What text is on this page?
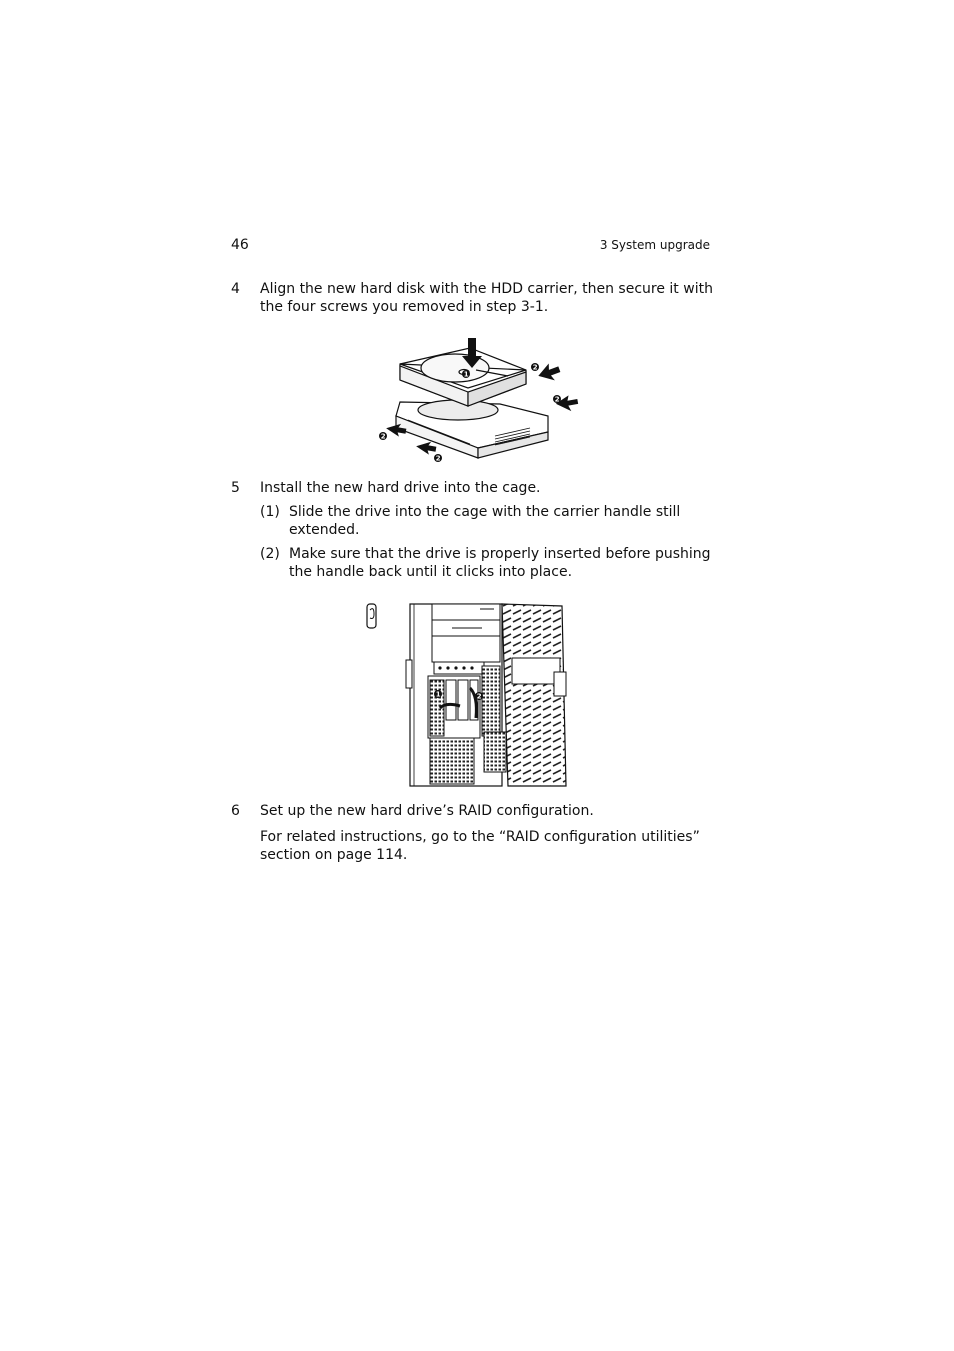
46	3 System upgrade
4 Align the new hard disk with the HDD carrier, then secure it with
the four screws you removed in step 3-1.
1
2
2
2
2
5 Install the new hard drive into the cage.
(1) Slide the drive into the cage with the carrier handle still
extended.
(2) Make sure that the drive is properly inserted before pushing
the handle back until it clicks into place.
1	2
6 Set up the new hard drive’s RAID configuration.
For related instructions, go to the “RAID configuration utilities”
section on page 114.
